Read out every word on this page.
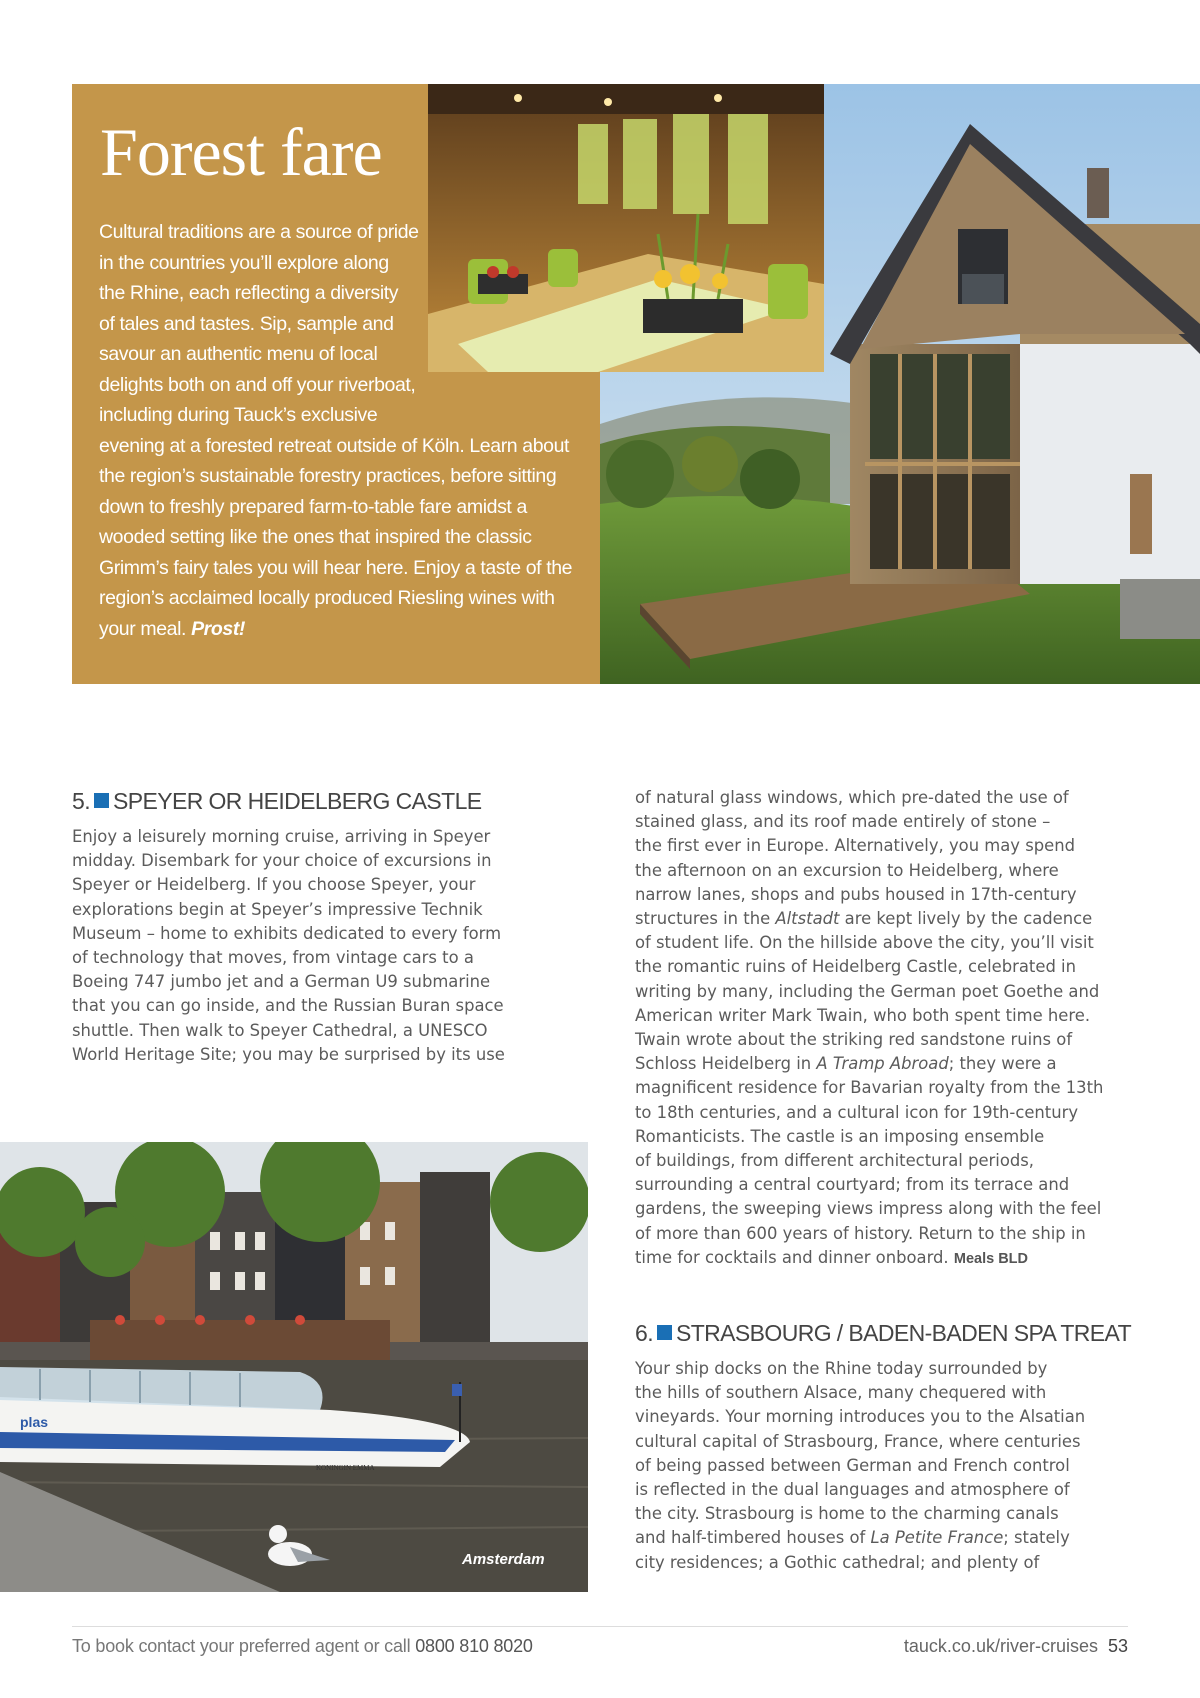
Forest fare

Cultural traditions are a source of pride
in the countries you’ll explore along
the Rhine, each reflecting a diversity
of tales and tastes. Sip, sample and
savour an authentic menu of local
delights both on and off your riverboat,
including during Tauck’s exclusive
evening at a forested retreat outside of Köln. Learn about
the region’s sustainable forestry practices, before sitting
down to freshly prepared farm-to-table fare amidst a
wooded setting like the ones that inspired the classic
Grimm’s fairy tales you will hear here. Enjoy a taste of the
region’s acclaimed locally produced Riesling wines with
your meal. Prost!

5. SPEYER OR HEIDELBERG CASTLE

Enjoy a leisurely morning cruise, arriving in Speyer
midday. Disembark for your choice of excursions in
Speyer or Heidelberg. If you choose Speyer, your
explorations begin at Speyer’s impressive Technik
Museum – home to exhibits dedicated to every form
of technology that moves, from vintage cars to a
Boeing 747 jumbo jet and a German U9 submarine
that you can go inside, and the Russian Buran space
shuttle. Then walk to Speyer Cathedral, a UNESCO
World Heritage Site; you may be surprised by its use

of natural glass windows, which pre-dated the use of
stained glass, and its roof made entirely of stone –
the first ever in Europe. Alternatively, you may spend
the afternoon on an excursion to Heidelberg, where
narrow lanes, shops and pubs housed in 17th-century
structures in the Altstadt are kept lively by the cadence
of student life. On the hillside above the city, you’ll visit
the romantic ruins of Heidelberg Castle, celebrated in
writing by many, including the German poet Goethe and
American writer Mark Twain, who both spent time here.
Twain wrote about the striking red sandstone ruins of
Schloss Heidelberg in A Tramp Abroad; they were a
magnificent residence for Bavarian royalty from the 13th
to 18th centuries, and a cultural icon for 19th-century
Romanticists. The castle is an imposing ensemble
of buildings, from different architectural periods,
surrounding a central courtyard; from its terrace and
gardens, the sweeping views impress along with the feel
of more than 600 years of history. Return to the ship in
time for cocktails and dinner onboard. Meals BLD

plas
KONINGIN EMMA
Amsterdam
6. STRASBOURG / BADEN-BADEN SPA TREAT

Your ship docks on the Rhine today surrounded by
the hills of southern Alsace, many chequered with
vineyards. Your morning introduces you to the Alsatian
cultural capital of Strasbourg, France, where centuries
of being passed between German and French control
is reflected in the dual languages and atmosphere of
the city. Strasbourg is home to the charming canals
and half-timbered houses of La Petite France; stately
city residences; a Gothic cathedral; and plenty of

To book contact your preferred agent or call 0800 810 8020	tauck.co.uk/river-cruises 53
